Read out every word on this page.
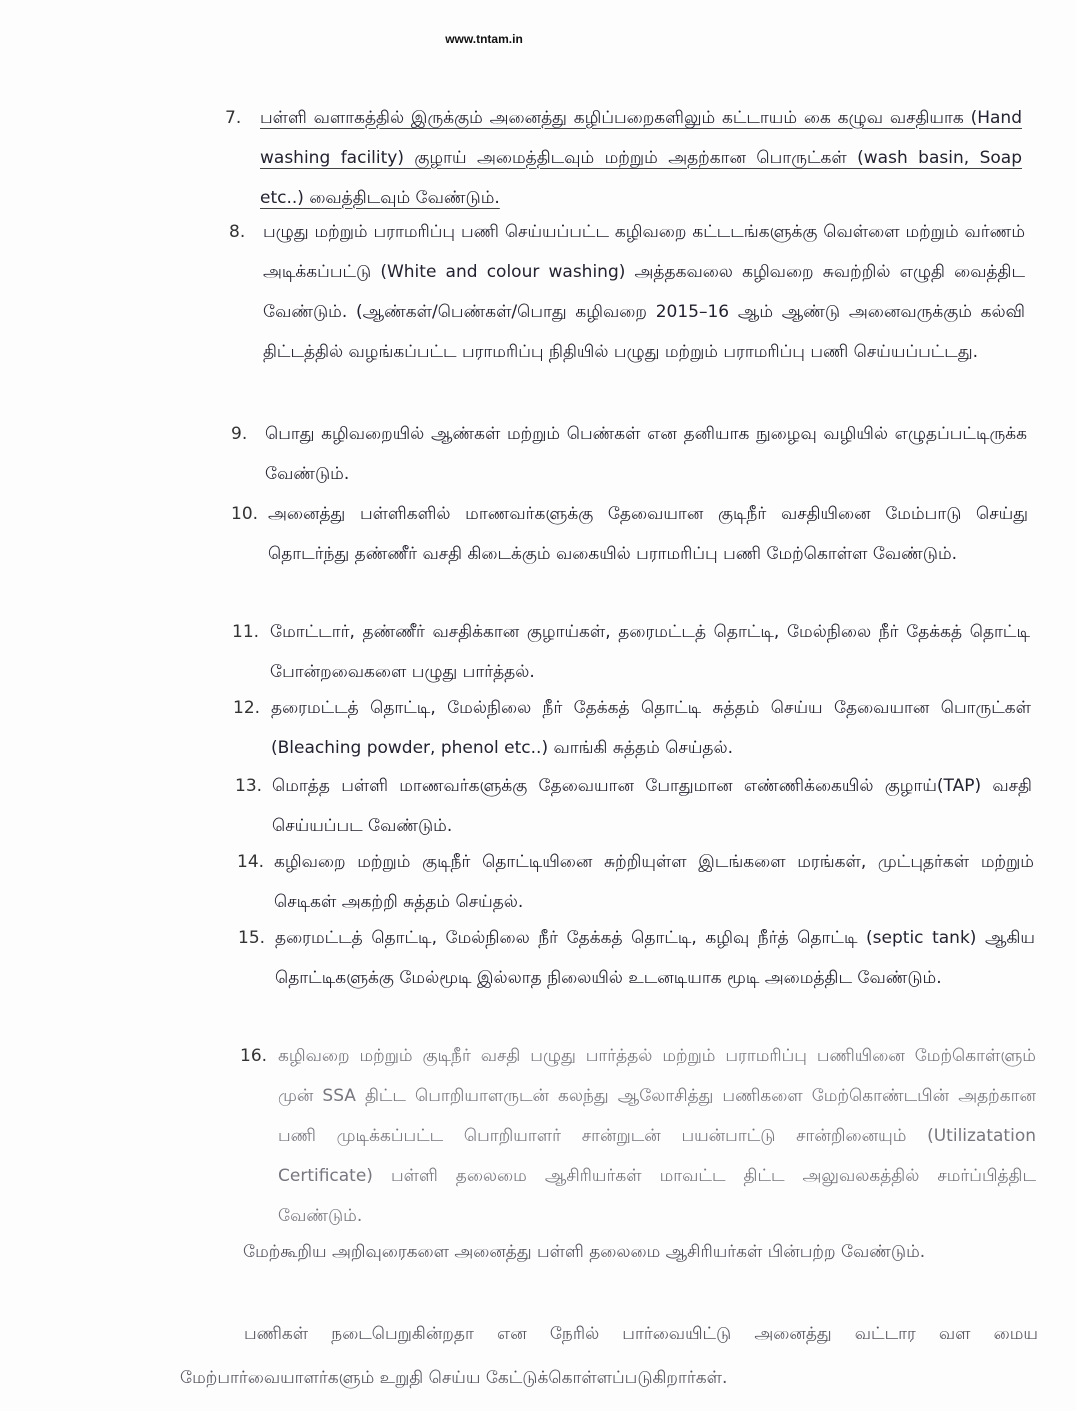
www.tntam.in
7. பள்ளி வளாகத்தில் இருக்கும் அனைத்து கழிப்பறைகளிலும் கட்டாயம் கை கழுவ வசதியாக (Hand washing facility) குழாய் அமைத்திடவும் மற்றும் அதற்கான பொருட்கள் (wash basin, Soap etc..) வைத்திடவும் வேண்டும்.
8. பழுது மற்றும் பராமரிப்பு பணி செய்யப்பட்ட கழிவறை கட்டடங்களுக்கு வெள்ளை மற்றும் வர்ணம் அடிக்கப்பட்டு (White and colour washing) அத்தகவலை கழிவறை சுவற்றில் எழுதி வைத்திட வேண்டும். (ஆண்கள்/பெண்கள்/பொது கழிவறை 2015–16 ஆம் ஆண்டு அனைவருக்கும் கல்வி திட்டத்தில் வழங்கப்பட்ட பராமரிப்பு நிதியில் பழுது மற்றும் பராமரிப்பு பணி செய்யப்பட்டது.
9. பொது கழிவறையில் ஆண்கள் மற்றும் பெண்கள் என தனியாக நுழைவு வழியில் எழுதப்பட்டிருக்க வேண்டும்.
10. அனைத்து பள்ளிகளில் மாணவர்களுக்கு தேவையான குடிநீர் வசதியினை மேம்பாடு செய்து தொடர்ந்து தண்ணீர் வசதி கிடைக்கும் வகையில் பராமரிப்பு பணி மேற்கொள்ள வேண்டும்.
11. மோட்டார், தண்ணீர் வசதிக்கான குழாய்கள், தரைமட்டத் தொட்டி, மேல்நிலை நீர் தேக்கத் தொட்டி போன்றவைகளை பழுது பார்த்தல்.
12. தரைமட்டத் தொட்டி, மேல்நிலை நீர் தேக்கத் தொட்டி சுத்தம் செய்ய தேவையான பொருட்கள் (Bleaching powder, phenol etc..) வாங்கி சுத்தம் செய்தல்.
13. மொத்த பள்ளி மாணவர்களுக்கு தேவையான போதுமான எண்ணிக்கையில் குழாய்(TAP) வசதி செய்யப்பட வேண்டும்.
14. கழிவறை மற்றும் குடிநீர் தொட்டியினை சுற்றியுள்ள இடங்களை மரங்கள், முட்புதர்கள் மற்றும் செடிகள் அகற்றி சுத்தம் செய்தல்.
15. தரைமட்டத் தொட்டி, மேல்நிலை நீர் தேக்கத் தொட்டி, கழிவு நீர்த் தொட்டி (septic tank) ஆகிய தொட்டிகளுக்கு மேல்மூடி இல்லாத நிலையில் உடனடியாக மூடி அமைத்திட வேண்டும்.
16. கழிவறை மற்றும் குடிநீர் வசதி பழுது பார்த்தல் மற்றும் பராமரிப்பு பணியினை மேற்கொள்ளும் முன் SSA திட்ட பொறியாளருடன் கலந்து ஆலோசித்து பணிகளை மேற்கொண்டபின் அதற்கான பணி முடிக்கப்பட்ட பொறியாளர் சான்றுடன் பயன்பாட்டு சான்றினையும் (Utilizatation Certificate) பள்ளி தலைமை ஆசிரியர்கள் மாவட்ட திட்ட அலுவலகத்தில் சமர்ப்பித்திட வேண்டும்.
மேற்கூறிய அறிவுரைகளை அனைத்து பள்ளி தலைமை ஆசிரியர்கள் பின்பற்ற வேண்டும்.
பணிகள் நடைபெறுகின்றதா என நேரில் பார்வையிட்டு அனைத்து வட்டார வள மைய மேற்பார்வையாளர்களும் உறுதி செய்ய கேட்டுக்கொள்ளப்படுகிறார்கள்.
